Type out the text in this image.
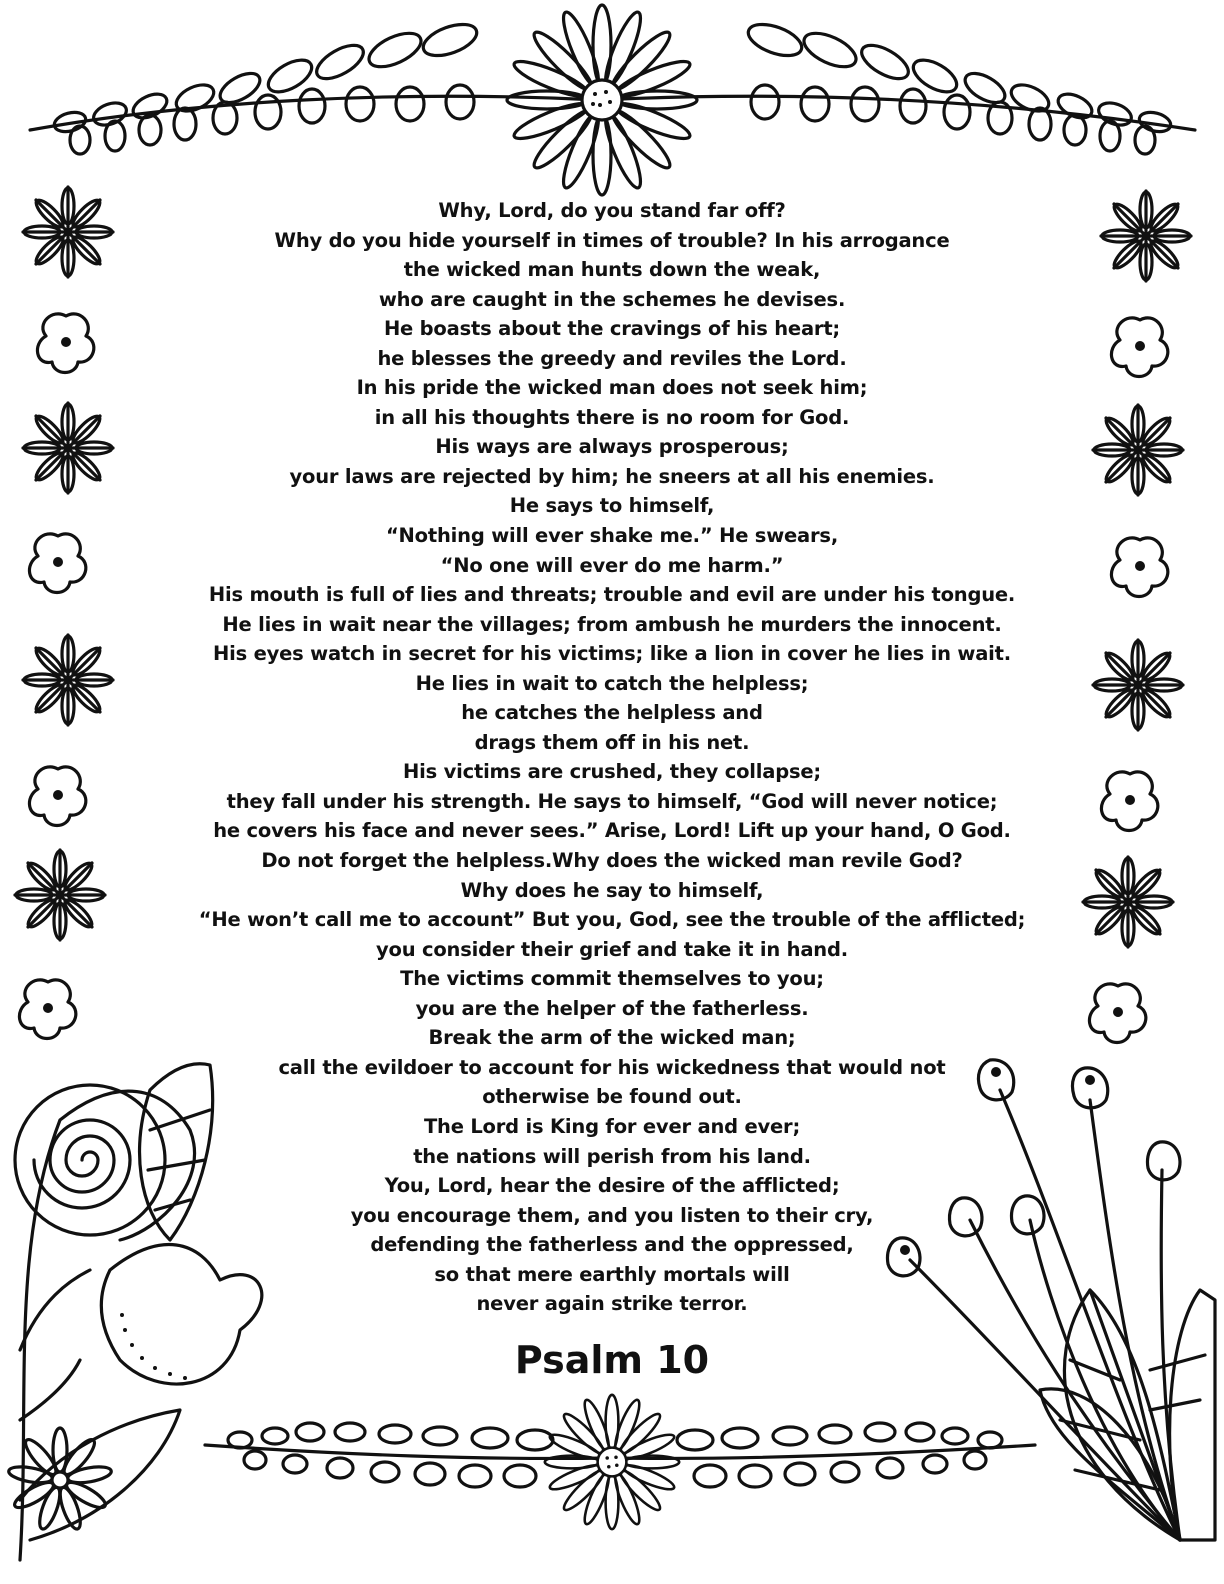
Why, Lord, do you stand far off?
Why do you hide yourself in times of trouble? In his arrogance
the wicked man hunts down the weak,
who are caught in the schemes he devises.
He boasts about the cravings of his heart;
he blesses the greedy and reviles the Lord.
In his pride the wicked man does not seek him;
in all his thoughts there is no room for God.
His ways are always prosperous;
your laws are rejected by him; he sneers at all his enemies.
He says to himself,
“Nothing will ever shake me.” He swears,
“No one will ever do me harm.”
His mouth is full of lies and threats; trouble and evil are under his tongue.
He lies in wait near the villages; from ambush he murders the innocent.
His eyes watch in secret for his victims; like a lion in cover he lies in wait.
He lies in wait to catch the helpless;
he catches the helpless and
drags them off in his net.
His victims are crushed, they collapse;
they fall under his strength. He says to himself, “God will never notice;
he covers his face and never sees.” Arise, Lord! Lift up your hand, O God.
Do not forget the helpless.Why does the wicked man revile God?
Why does he say to himself,
“He won’t call me to account” But you, God, see the trouble of the afflicted;
you consider their grief and take it in hand.
The victims commit themselves to you;
you are the helper of the fatherless.
Break the arm of the wicked man;
call the evildoer to account for his wickedness that would not
otherwise be found out.
The Lord is King for ever and ever;
the nations will perish from his land.
You, Lord, hear the desire of the afflicted;
you encourage them, and you listen to their cry,
defending the fatherless and the oppressed,
so that mere earthly mortals will
never again strike terror.
Psalm 10
